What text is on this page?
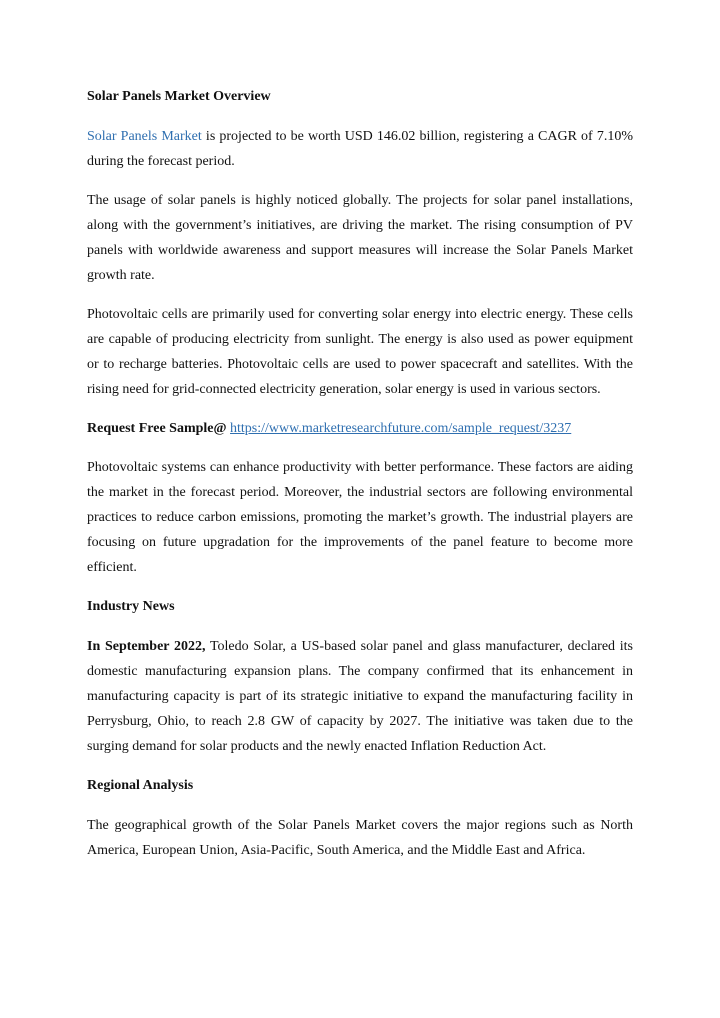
Solar Panels Market Overview
Solar Panels Market is projected to be worth USD 146.02 billion, registering a CAGR of 7.10% during the forecast period.
The usage of solar panels is highly noticed globally. The projects for solar panel installations, along with the government’s initiatives, are driving the market. The rising consumption of PV panels with worldwide awareness and support measures will increase the Solar Panels Market growth rate.
Photovoltaic cells are primarily used for converting solar energy into electric energy. These cells are capable of producing electricity from sunlight. The energy is also used as power equipment or to recharge batteries. Photovoltaic cells are used to power spacecraft and satellites. With the rising need for grid-connected electricity generation, solar energy is used in various sectors.
Request Free Sample@ https://www.marketresearchfuture.com/sample_request/3237
Photovoltaic systems can enhance productivity with better performance. These factors are aiding the market in the forecast period. Moreover, the industrial sectors are following environmental practices to reduce carbon emissions, promoting the market’s growth. The industrial players are focusing on future upgradation for the improvements of the panel feature to become more efficient.
Industry News
In September 2022, Toledo Solar, a US-based solar panel and glass manufacturer, declared its domestic manufacturing expansion plans. The company confirmed that its enhancement in manufacturing capacity is part of its strategic initiative to expand the manufacturing facility in Perrysburg, Ohio, to reach 2.8 GW of capacity by 2027. The initiative was taken due to the surging demand for solar products and the newly enacted Inflation Reduction Act.
Regional Analysis
The geographical growth of the Solar Panels Market covers the major regions such as North America, European Union, Asia-Pacific, South America, and the Middle East and Africa.
